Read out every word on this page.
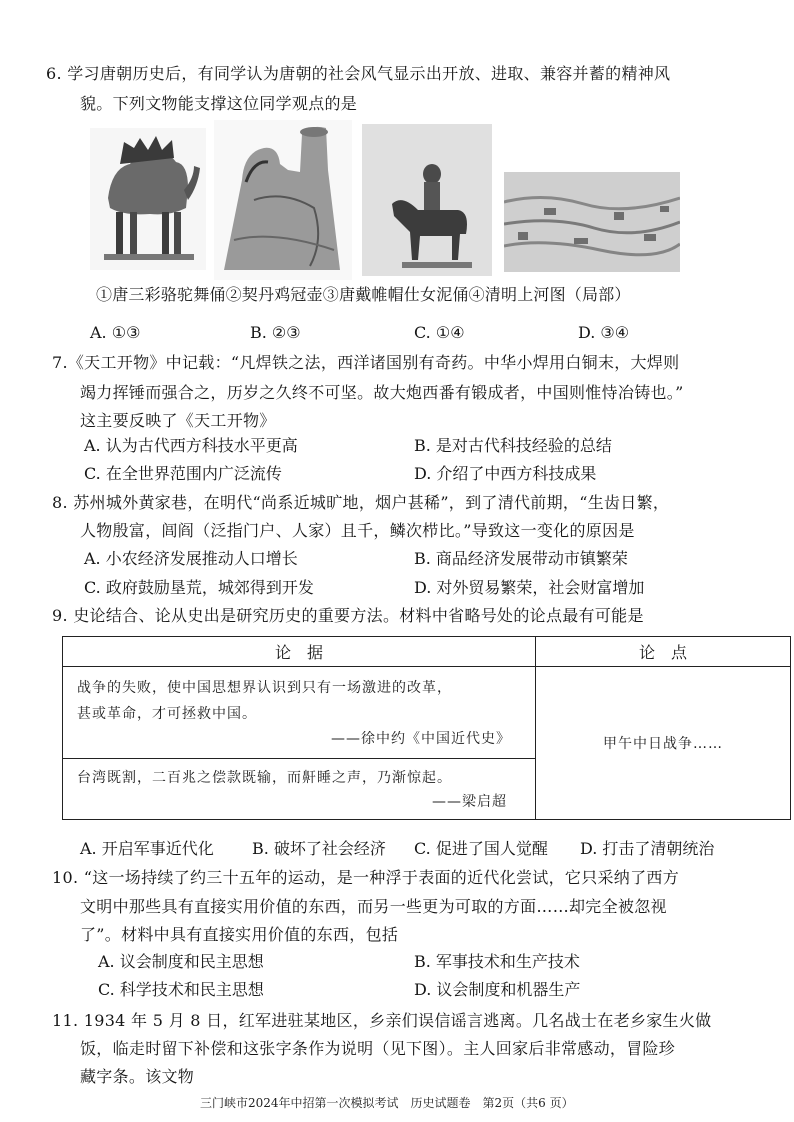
6. 学习唐朝历史后，有同学认为唐朝的社会风气显示出开放、进取、兼容并蓄的精神风
貌。下列文物能支撑这位同学观点的是
①唐三彩骆驼舞俑②契丹鸡冠壶③唐戴帷帽仕女泥俑④清明上河图（局部）
A. ①③	B. ②③	C. ①④	D. ③④
7.《天工开物》中记载：“凡焊铁之法，西洋诸国别有奇药。中华小焊用白铜末，大焊则
竭力挥锤而强合之，历岁之久终不可坚。故大炮西番有锻成者，中国则惟恃冶铸也。”
这主要反映了《天工开物》
A. 认为古代西方科技水平更高	B. 是对古代科技经验的总结
C. 在全世界范围内广泛流传	D. 介绍了中西方科技成果
8. 苏州城外黄家巷，在明代“尚系近城旷地，烟户甚稀”，到了清代前期，“生齿日繁，
人物殷富，闾阎（泛指门户、人家）且千，鳞次栉比。”导致这一变化的原因是
A. 小农经济发展推动人口增长	B. 商品经济发展带动市镇繁荣
C. 政府鼓励垦荒，城郊得到开发	D. 对外贸易繁荣，社会财富增加
9. 史论结合、论从史出是研究历史的重要方法。材料中省略号处的论点最有可能是
论　据	论　点

战争的失败，使中国思想界认识到只有一场激进的改革，
甚或革命，才可拯救中国。
——徐中约《中国近代史》	甲午中日战争……

台湾既割，二百兆之偿款既输，而鼾睡之声，乃渐惊起。
——梁启超	
A. 开启军事近代化 B. 破坏了社会经济 C. 促进了国人觉醒 D. 打击了清朝统治
10. “这一场持续了约三十五年的运动，是一种浮于表面的近代化尝试，它只采纳了西方
文明中那些具有直接实用价值的东西，而另一些更为可取的方面……却完全被忽视
了”。材料中具有直接实用价值的东西，包括
A. 议会制度和民主思想	B. 军事技术和生产技术
C. 科学技术和民主思想	D. 议会制度和机器生产
11. 1934 年 5 月 8 日，红军进驻某地区，乡亲们误信谣言逃离。几名战士在老乡家生火做
饭，临走时留下补偿和这张字条作为说明（见下图）。主人回家后非常感动，冒险珍
藏字条。该文物
三门峡市2024年中招第一次模拟考试　历史试题卷　第2页（共6 页）
